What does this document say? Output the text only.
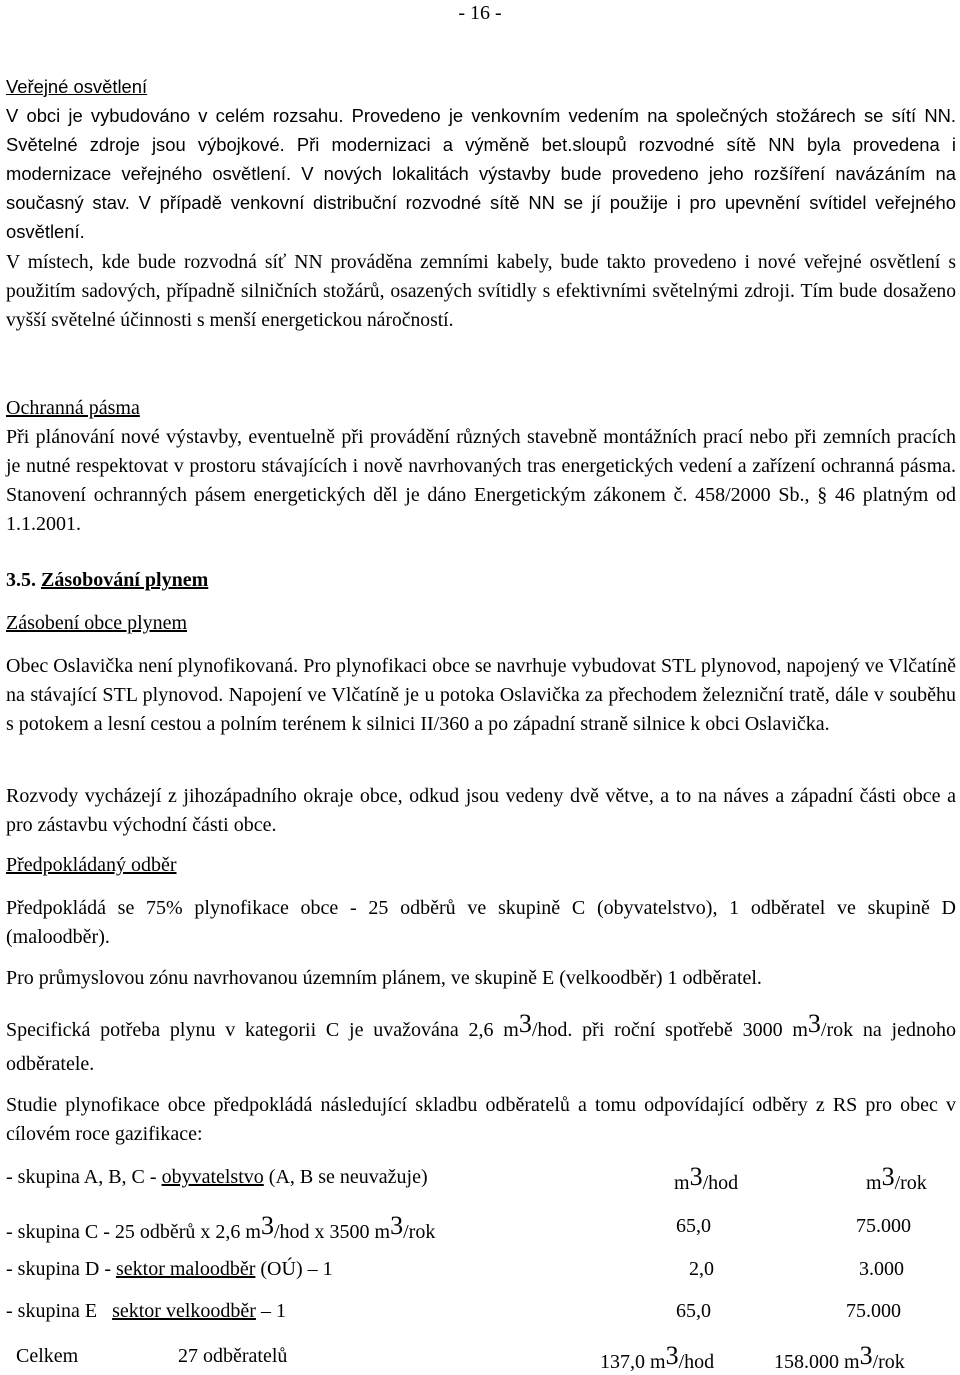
- 16 -

Veřejné osvětlení

V obci je vybudováno v celém rozsahu. Provedeno je venkovním vedením na společných stožárech se sítí NN. Světelné zdroje jsou výbojkové. Při modernizaci a výměně bet.sloupů rozvodné sítě NN byla provedena i modernizace veřejného osvětlení. V nových lokalitách výstavby bude provedeno jeho rozšíření navázáním na současný stav. V případě venkovní distribuční rozvodné sítě NN se jí použije i pro upevnění svítidel veřejného osvětlení.

V místech, kde bude rozvodná síť NN prováděna zemními kabely, bude takto provedeno i nové veřejné osvětlení s použitím sadových, případně silničních stožárů, osazených svítidly s efektivními světelnými zdroji. Tím bude dosaženo vyšší světelné účinnosti s menší energetickou náročností.

Ochranná pásma

Při plánování nové výstavby, eventuelně při provádění různých stavebně montážních prací nebo při zemních pracích je nutné respektovat v prostoru stávajících i nově navrhovaných tras energetických vedení a zařízení ochranná pásma. Stanovení ochranných pásem energetických děl je dáno Energetickým zákonem č. 458/2000 Sb., § 46 platným od 1.1.2001.

3.5. Zásobování plynem
Zásobení obce plynem
Obec Oslavička není plynofikovaná. Pro plynofikaci obce se navrhuje vybudovat STL plynovod, napojený ve Vlčatíně na stávající STL plynovod. Napojení ve Vlčatíně je u potoka Oslavička za přechodem železniční tratě, dále v souběhu s potokem a lesní cestou a polním terénem k silnici II/360 a po západní straně silnice k obci Oslavička.
Rozvody vycházejí z jihozápadního okraje obce, odkud jsou vedeny dvě větve, a to na náves a západní části obce a pro zástavbu východní části obce.
Předpokládaný odběr
Předpokládá se 75% plynofikace obce - 25 odběrů ve skupině C (obyvatelstvo), 1 odběratel ve skupině D (maloodběr).
Pro průmyslovou zónu navrhovanou územním plánem, ve skupině E (velkoodběr) 1 odběratel.
Specifická potřeba plynu v kategorii C je uvažována 2,6 $m^3$/hod. při roční spotřebě 3000 $m^3$/rok na jednoho odběratele.
Studie plynofikace obce předpokládá následující skladbu odběratelů a tomu odpovídající odběry z RS pro obec v cílovém roce gazifikace:
- skupina A, B, C - obyvatelstvo (A, B se neuvažuje)	$m^3$/hod	$m^3$/rok
- skupina C - 25 odběrů x 2,6 $m^3$/hod x 3500 $m^3$/rok	65,0	75.000
- skupina D - sektor maloodběr (OÚ) – 1	2,0	3.000
- skupina E   sektor velkoodběr – 1	65,0	75.000
Celkem	27 odběratelů	137,0 $m^3$/hod	158.000 $m^3$/rok
